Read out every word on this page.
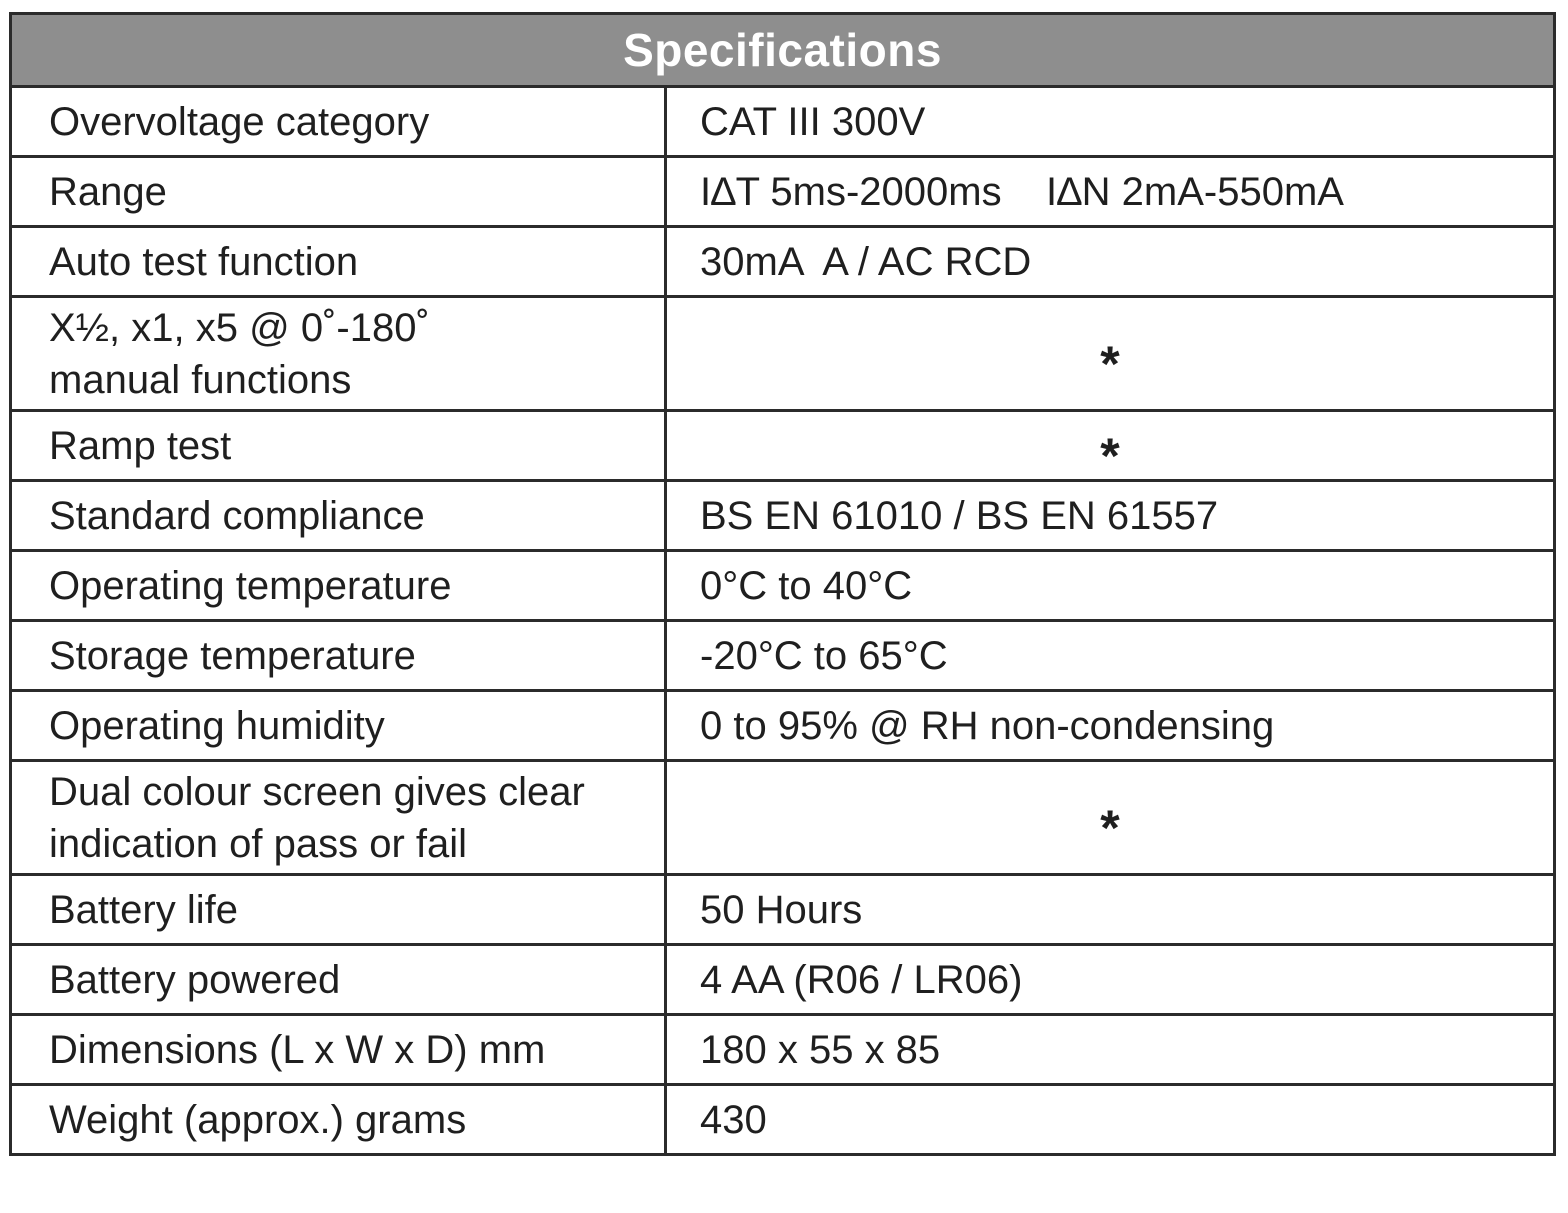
Specifications	
Overvoltage category	CAT III 300V
Range	I∆T 5ms-2000ms    I∆N 2mA-550mA
Auto test function	30mA  A / AC RCD
X½, x1, x5 @ 0˚-180˚ manual functions	*
Ramp test	*
Standard compliance	BS EN 61010 / BS EN 61557
Operating temperature	0°C to 40°C
Storage temperature	-20°C to 65°C
Operating humidity	0 to 95% @ RH non-condensing
Dual colour screen gives clear indication of pass or fail	*
Battery life	50 Hours
Battery powered	4 AA (R06 / LR06)
Dimensions (L x W x D) mm	180 x 55 x 85
Weight (approx.) grams	430
